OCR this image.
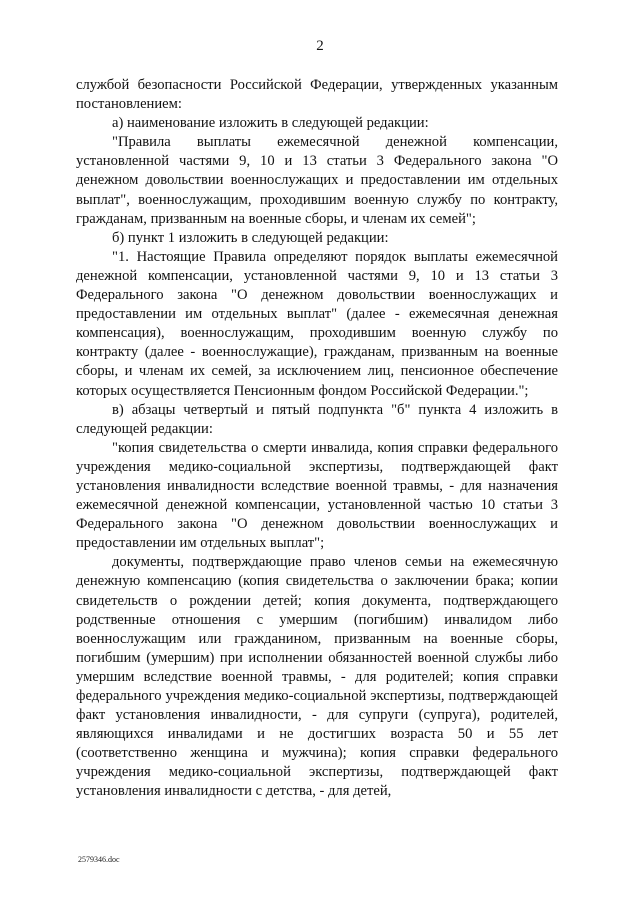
2

службой безопасности Российской Федерации, утвержденных указанным постановлением:

а) наименование изложить в следующей редакции:

"Правила выплаты ежемесячной денежной компенсации, установленной частями 9, 10 и 13 статьи 3 Федерального закона "О денежном довольствии военнослужащих и предоставлении им отдельных выплат", военнослужащим, проходившим военную службу по контракту, гражданам, призванным на военные сборы, и членам их семей";

б) пункт 1 изложить в следующей редакции:

"1. Настоящие Правила определяют порядок выплаты ежемесячной денежной компенсации, установленной частями 9, 10 и 13 статьи 3 Федерального закона "О денежном довольствии военнослужащих и предоставлении им отдельных выплат" (далее - ежемесячная денежная компенсация), военнослужащим, проходившим военную службу по контракту (далее - военнослужащие), гражданам, призванным на военные сборы, и членам их семей, за исключением лиц, пенсионное обеспечение которых осуществляется Пенсионным фондом Российской Федерации.";

в) абзацы четвертый и пятый подпункта "б" пункта 4 изложить в следующей редакции:

"копия свидетельства о смерти инвалида, копия справки федерального учреждения медико-социальной экспертизы, подтверждающей факт установления инвалидности вследствие военной травмы, - для назначения ежемесячной денежной компенсации, установленной частью 10 статьи 3 Федерального закона "О денежном довольствии военнослужащих и предоставлении им отдельных выплат";

документы, подтверждающие право членов семьи на ежемесячную денежную компенсацию (копия свидетельства о заключении брака; копии свидетельств о рождении детей; копия документа, подтверждающего родственные отношения с умершим (погибшим) инвалидом либо военнослужащим или гражданином, призванным на военные сборы, погибшим (умершим) при исполнении обязанностей военной службы либо умершим вследствие военной травмы, - для родителей; копия справки федерального учреждения медико-социальной экспертизы, подтверждающей факт установления инвалидности, - для супруги (супруга), родителей, являющихся инвалидами и не достигших возраста 50 и 55 лет (соответственно женщина и мужчина); копия справки федерального учреждения медико-социальной экспертизы, подтверждающей факт установления инвалидности с детства, - для детей,

2579346.doc
